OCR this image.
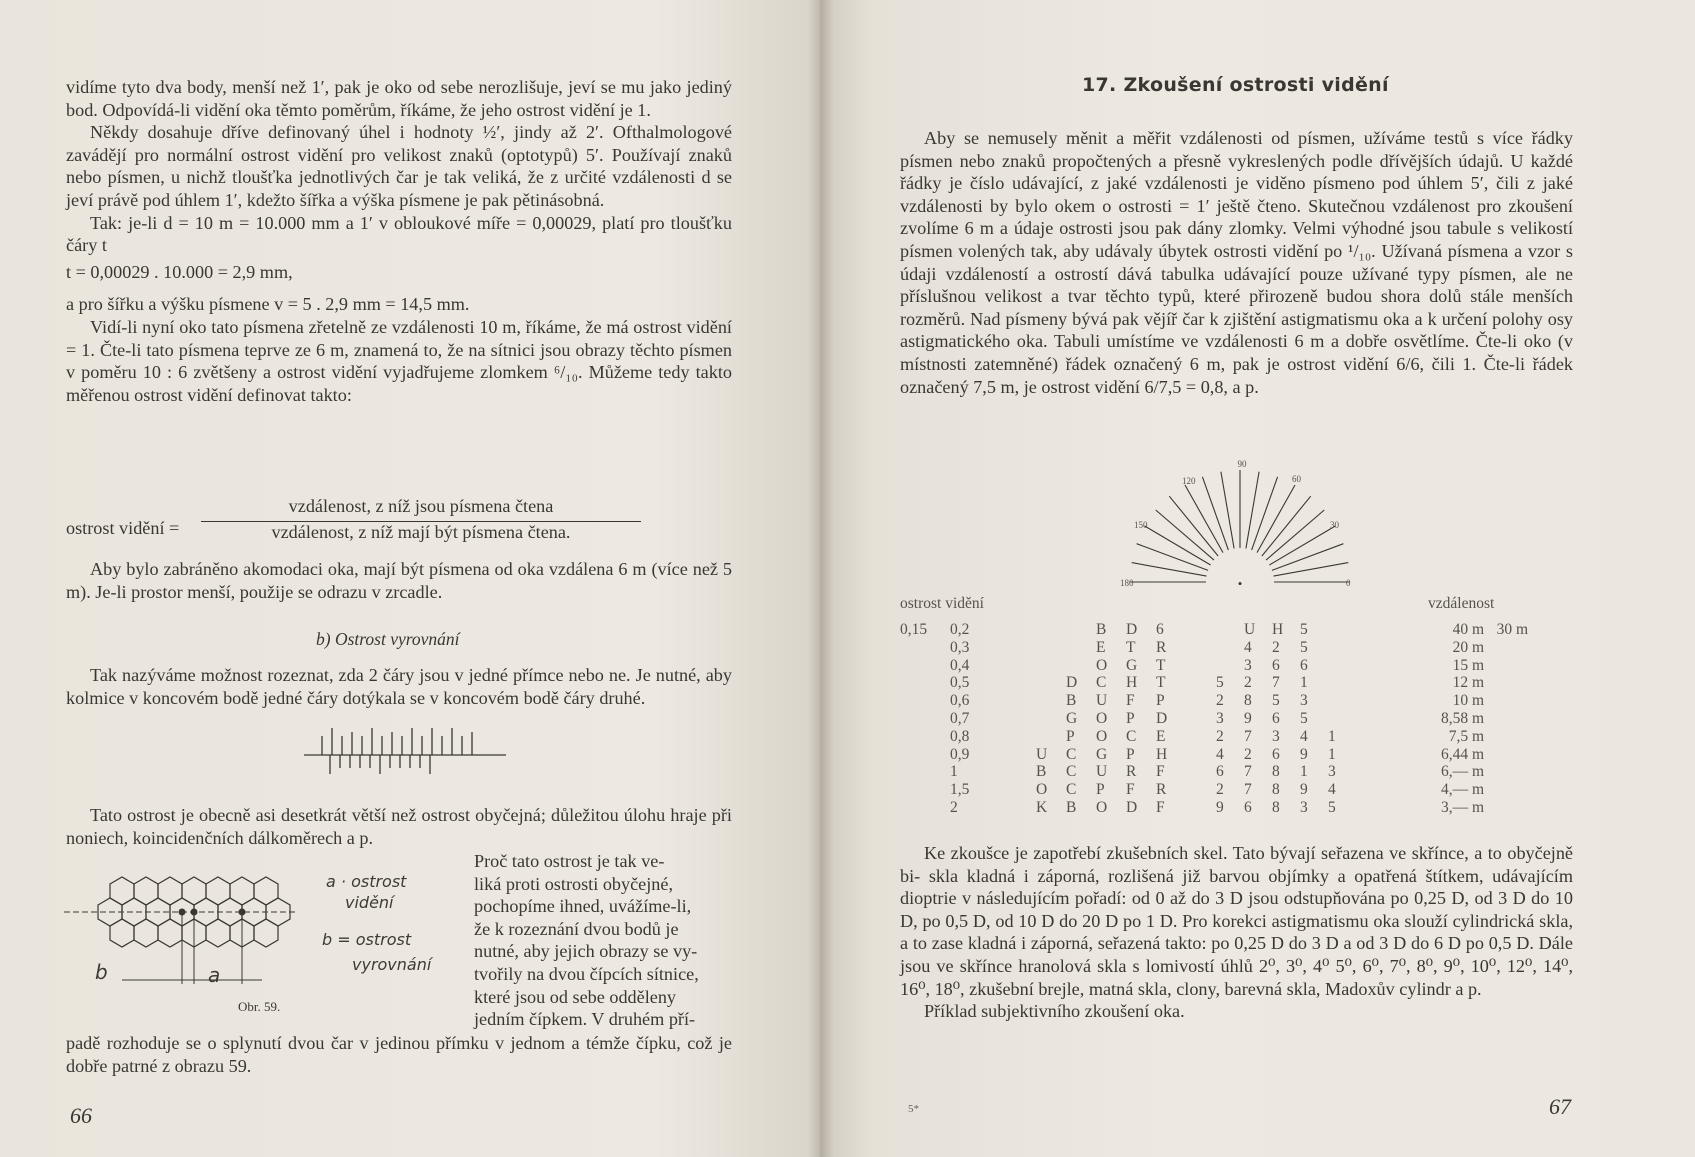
vidíme tyto dva body, menší než 1′, pak je oko od sebe nerozlišuje, jeví se mu jako jediný bod. Odpovídá-li vidění oka těmto poměrům, říkáme, že jeho ostrost vidění je 1.

Někdy dosahuje dříve definovaný úhel i hodnoty ½′, jindy až 2′. Ofthalmologové zavádějí pro normální ostrost vidění pro velikost znaků (optotypů) 5′. Používají znaků nebo písmen, u nichž tloušťka jednotlivých čar je tak veliká, že z určité vzdálenosti d se jeví právě pod úhlem 1′, kdežto šířka a výška písmene je pak pětinásobná.

Tak: je-li d = 10 m = 10.000 mm a 1′ v obloukové míře = 0,00029, platí pro tloušťku čáry t

t = 0,00029 . 10.000 = 2,9 mm,

a pro šířku a výšku písmene v = 5 . 2,9 mm = 14,5 mm.

Vidí-li nyní oko tato písmena zřetelně ze vzdálenosti 10 m, říkáme, že má ostrost vidění = 1. Čte-li tato písmena teprve ze 6 m, znamená to, že na sítnici jsou obrazy těchto písmen v poměru 10 : 6 zvětšeny a ostrost vidění vyjadřujeme zlomkem ⁶/₁₀. Můžeme tedy takto měřenou ostrost vidění definovat takto:

ostrost vidění =
vzdálenost, z níž jsou písmena čtena
vzdálenost, z níž mají být písmena čtena.

Aby bylo zabráněno akomodaci oka, mají být písmena od oka vzdálena 6 m (více než 5 m). Je-li prostor menší, použije se odrazu v zrcadle.

b) Ostrost vyrovnání

Tak nazýváme možnost rozeznat, zda 2 čáry jsou v jedné přímce nebo ne. Je nutné, aby kolmice v koncovém bodě jedné čáry dotýkala se v koncovém bodě čáry druhé.

Tato ostrost je obecně asi desetkrát větší než ostrost obyčejná; důležitou úlohu hraje při noniech, koincidenčních dálkoměrech a p.

b	a
a · ostrost
vidění
b = ostrost
vyrovnání
Obr. 59.
Proč tato ostrost je tak ve-
liká proti ostrosti obyčejné,
pochopíme ihned, uvážíme-li,
že k rozeznání dvou bodů je
nutné, aby jejich obrazy se vy-
tvořily na dvou čípcích sítnice,
které jsou od sebe odděleny
jedním čípkem. V druhém pří-

padě rozhoduje se o splynutí dvou čar v jedinou přímku v jednom a témže čípku, což je dobře patrné z obrazu 59.

66
17. Zkoušení ostrosti vidění

Aby se nemusely měnit a měřit vzdálenosti od písmen, užíváme testů s více řádky písmen nebo znaků propočtených a přesně vykreslených podle dřívějších údajů. U každé řádky je číslo udávající, z jaké vzdálenosti je viděno písmeno pod úhlem 5′, čili z jaké vzdálenosti by bylo okem o ostrosti = 1′ ještě čteno. Skutečnou vzdálenost pro zkoušení zvolíme 6 m a údaje ostrosti jsou pak dány zlomky. Velmi výhodné jsou tabule s velikostí písmen volených tak, aby udávaly úbytek ostrosti vidění po ¹/₁₀. Užívaná písmena a vzor s údaji vzdáleností a ostrostí dává tabulka udávající pouze užívané typy písmen, ale ne příslušnou velikost a tvar těchto typů, které přirozeně budou shora dolů stále menších rozměrů. Nad písmeny bývá pak vějíř čar k zjištění astigmatismu oka a k určení polohy osy astigmatického oka. Tabuli umístíme ve vzdálenosti 6 m a dobře osvětlíme. Čte-li oko (v místnosti zatemněné) řádek označený 6 m, pak je ostrost vidění 6/6, čili 1. Čte-li řádek označený 7,5 m, je ostrost vidění 6/7,5 = 0,8, a p.

90
60
120
30
150
0
180	•
ostrost vidění	vzdálenost
0,15	0,2			B	D	6		U	H	5		40 m	30 m
	0,3			E	T	R		4	2	5		20 m	
	0,4			O	G	T		3	6	6		15 m	
	0,5		D	C	H	T	5	2	7	1		12 m	
	0,6		B	U	F	P	2	8	5	3		10 m	
	0,7		G	O	P	D	3	9	6	5		8,58 m	
	0,8		P	O	C	E	2	7	3	4	1	7,5 m	
	0,9	U	C	G	P	H	4	2	6	9	1	6,44 m	
	1	B	C	U	R	F	6	7	8	1	3	6,— m	
	1,5	O	C	P	F	R	2	7	8	9	4	4,— m	
	2	K	B	O	D	F	9	6	8	3	5	3,— m	

Ke zkoušce je zapotřebí zkušebních skel. Tato bývají seřazena ve skřínce, a to obyčejně bi- skla kladná i záporná, rozlišená již barvou objímky a opatřená štítkem, udávajícím dioptrie v následujícím pořadí: od 0 až do 3 D jsou odstupňována po 0,25 D, od 3 D do 10 D, po 0,5 D, od 10 D do 20 D po 1 D. Pro korekci astigmatismu oka slouží cylindrická skla, a to zase kladná i záporná, seřazená takto: po 0,25 D do 3 D a od 3 D do 6 D po 0,5 D. Dále jsou ve skřínce hranolová skla s lomivostí úhlů 2⁰, 3⁰, 4⁰ 5⁰, 6⁰, 7⁰, 8⁰, 9⁰, 10⁰, 12⁰, 14⁰, 16⁰, 18⁰, zkušební brejle, matná skla, clony, barevná skla, Madoxův cylindr a p.

Příklad subjektivního zkoušení oka.

5*	67
